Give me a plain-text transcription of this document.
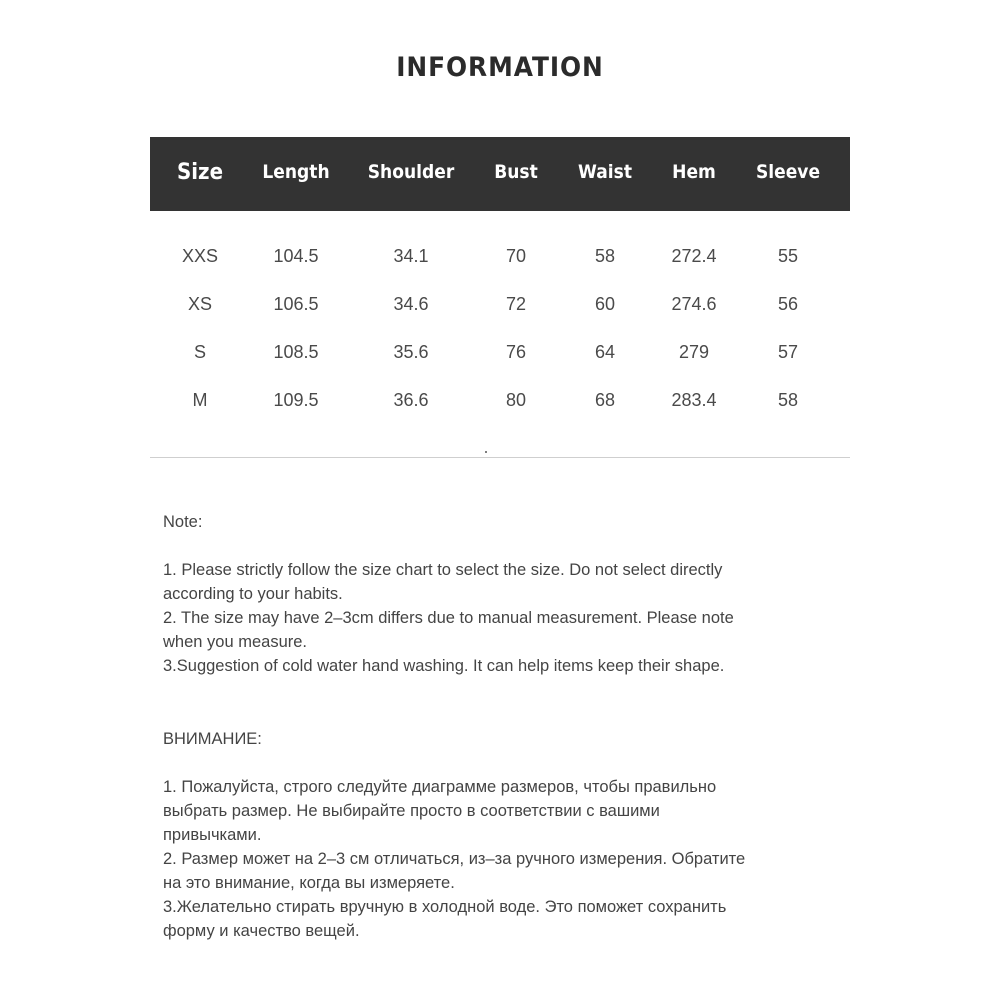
INFORMATION
Size Length Shoulder Bust Waist Hem Sleeve
XXS	104.5	34.1	70	58	272.4	55
XS	106.5	34.6	72	60	274.6	56
S	108.5	35.6	76	64	279	57
M	109.5	36.6	80	68	283.4	58

Note:

1. Please strictly follow the size chart to select the size. Do not select directly

according to your habits.

2. The size may have 2–3cm differs due to manual measurement. Please note

when you measure.

3.Suggestion of cold water hand washing. It can help items keep their shape.

ВНИМАНИЕ:

1. Пожалуйста, строго следуйте диаграмме размеров, чтобы правильно

выбрать размер. Не выбирайте просто в соответствии с вашими

привычками.

2. Размер может на 2–3 см отличаться, из–за ручного измерения. Обратите

на это внимание, когда вы измеряете.

3.Желательно стирать вручную в холодной воде. Это поможет сохранить

форму и качество вещей.
